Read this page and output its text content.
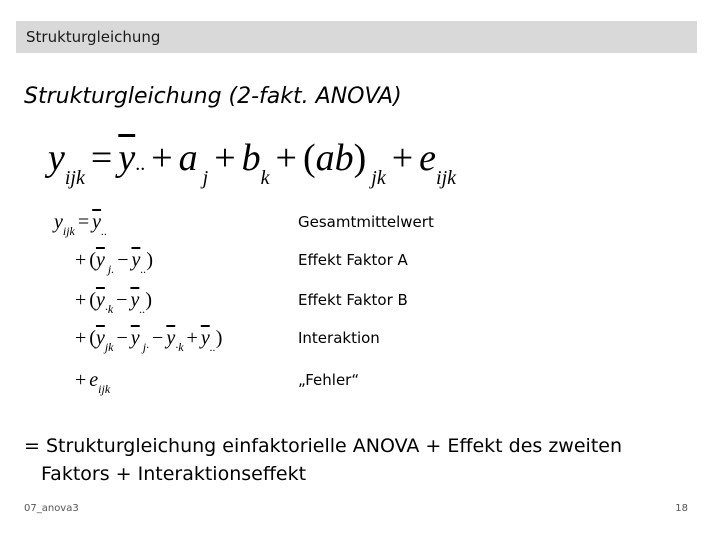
Strukturgleichung
Strukturgleichung (2-fakt. ANOVA)
$y_{ijk} = \overline{y}$.. + a $_j + b_k + (ab) _{jk} + e_{ijk}$
$y_{ijk} = \overline{y}_{..}$	Gesamtmittelwert
+ ($\overline{y}$ $_{j.} - \overline{y}_{..}$)	Effekt Faktor A
+ $(\overline{y}_{\cdot k} - \overline{y}_{..})$	Effekt Faktor B
+ ($\overline{y}_{jk} - \overline{y}$ $_{j\cdot} - \overline{y}_{\cdot k} + \overline{y}_{..}$)	Interaktion
+ $e_{ijk}$	„Fehler“
= Strukturgleichung einfaktorielle ANOVA + Effekt des zweiten
Faktors + Interaktionseffekt
07_anova3	18
